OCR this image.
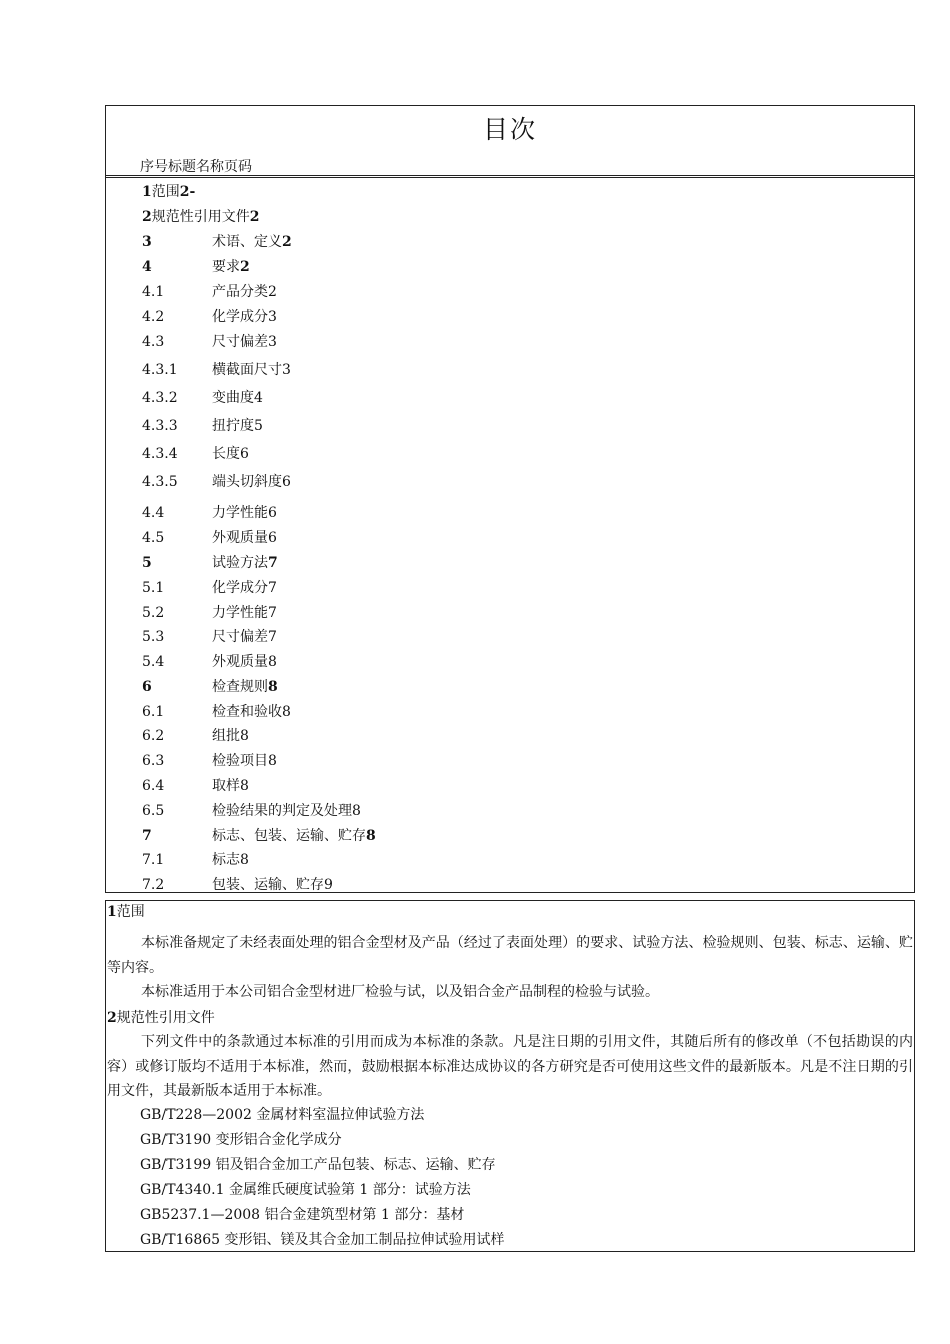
目次
序号标题名称页码
1范围2-
2规范性引用文件2
3	术语、定义2
4	要求2
4.1	产品分类2
4.2	化学成分3
4.3	尺寸偏差3
4.3.1 横截面尺寸3
4.3.2 变曲度4
4.3.3 扭拧度5
4.3.4 长度6
4.3.5 端头切斜度6
4.4	力学性能6
4.5	外观质量6
5	试验方法7
5.1	化学成分7
5.2	力学性能7
5.3	尺寸偏差7
5.4	外观质量8
6	检查规则8
6.1	检查和验收8
6.2	组批8
6.3	检验项目8
6.4	取样8
6.5	检验结果的判定及处理8
7	标志、包装、运输、贮存8
7.1	标志8
7.2	包装、运输、贮存9
1范围
本标准备规定了未经表面处理的铝合金型材及产品（经过了表面处理）的要求、试验方法、检验规则、包装、标志、运输、贮等内容。
本标准适用于本公司铝合金型材进厂检验与试，以及铝合金产品制程的检验与试验。
2规范性引用文件
下列文件中的条款通过本标准的引用而成为本标准的条款。凡是注日期的引用文件，其随后所有的修改单（不包括勘误的内容）或修订版均不适用于本标准，然而，鼓励根据本标准达成协议的各方研究是否可使用这些文件的最新版本。凡是不注日期的引用文件，其最新版本适用于本标准。
GB/T228—2002 金属材料室温拉伸试验方法
GB/T3190 变形铝合金化学成分
GB/T3199 铝及铝合金加工产品包装、标志、运输、贮存
GB/T4340.1 金属维氏硬度试验第 1 部分：试验方法
GB5237.1—2008 铝合金建筑型材第 1 部分：基材
GB/T16865 变形铝、镁及其合金加工制品拉伸试验用试样
